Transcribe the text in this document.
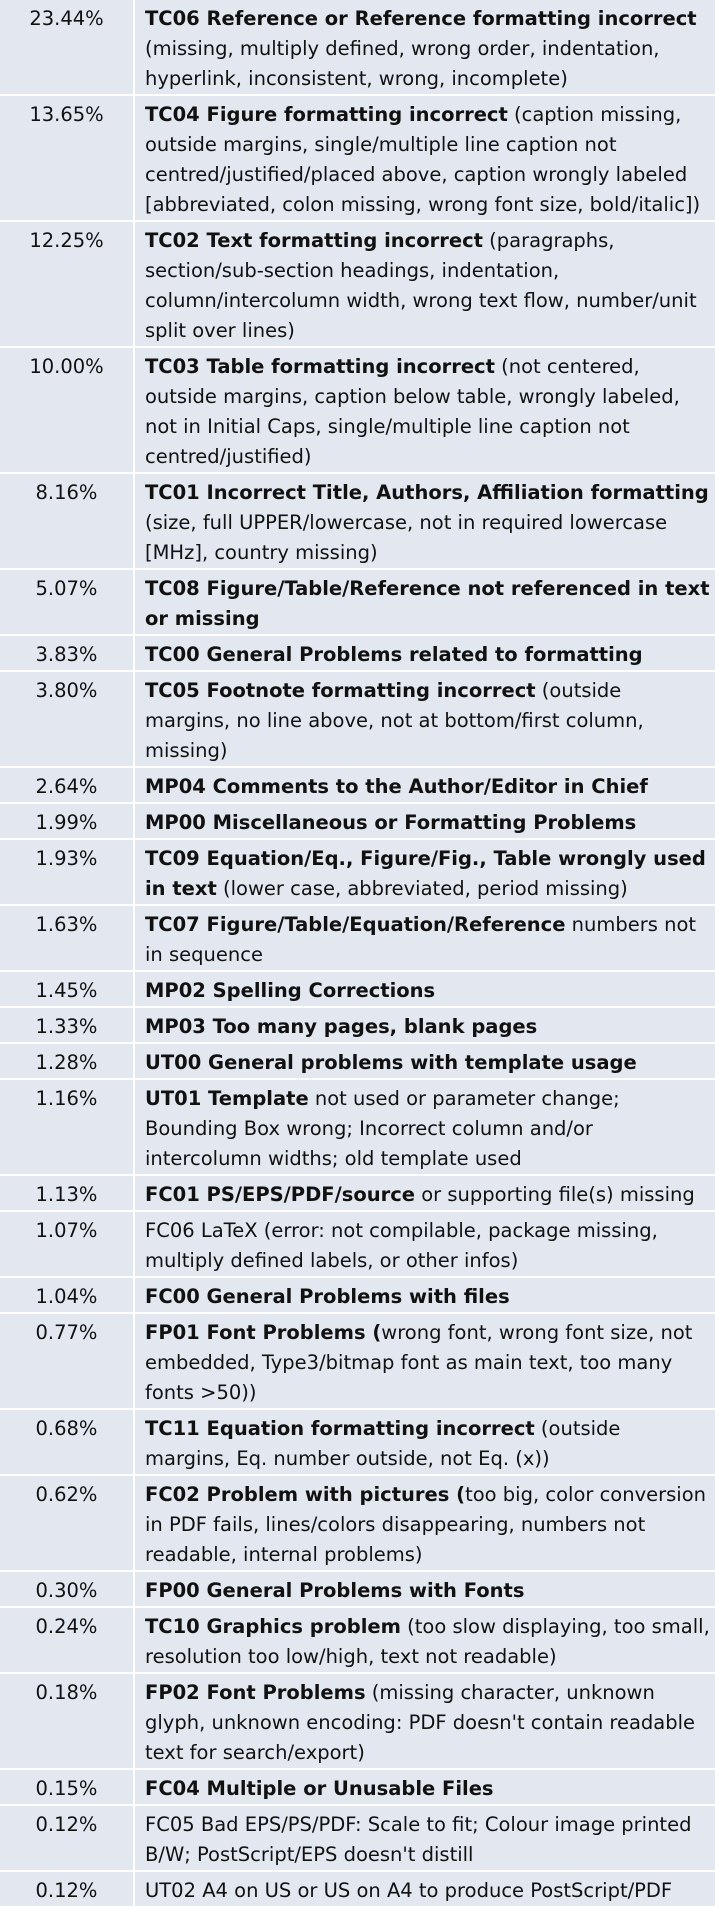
23.44%	TC06 Reference or Reference formatting incorrect (missing, multiply defined, wrong order, indentation, hyperlink, inconsistent, wrong, incomplete)
13.65%	TC04 Figure formatting incorrect (caption missing, outside margins, single/multiple line caption not centred/justified/placed above, caption wrongly labeled [abbreviated, colon missing, wrong font size, bold/italic])
12.25%	TC02 Text formatting incorrect (paragraphs, section/sub-section headings, indentation, column/intercolumn width, wrong text flow, number/unit split over lines)
10.00%	TC03 Table formatting incorrect (not centered, outside margins, caption below table, wrongly labeled, not in Initial Caps, single/multiple line caption not centred/justified)
8.16%	TC01 Incorrect Title, Authors, Affiliation formatting (size, full UPPER/lowercase, not in required lowercase [MHz], country missing)
5.07%	TC08 Figure/Table/Reference not referenced in text or missing
3.83%	TC00 General Problems related to formatting
3.80%	TC05 Footnote formatting incorrect (outside margins, no line above, not at bottom/first column, missing)
2.64%	MP04 Comments to the Author/Editor in Chief
1.99%	MP00 Miscellaneous or Formatting Problems
1.93%	TC09 Equation/Eq., Figure/Fig., Table wrongly used in text (lower case, abbreviated, period missing)
1.63%	TC07 Figure/Table/Equation/Reference numbers not in sequence
1.45%	MP02 Spelling Corrections
1.33%	MP03 Too many pages, blank pages
1.28%	UT00 General problems with template usage
1.16%	UT01 Template not used or parameter change; Bounding Box wrong; Incorrect column and/or intercolumn widths; old template used
1.13%	FC01 PS/EPS/PDF/source or supporting file(s) missing
1.07%	FC06 LaTeX (error: not compilable, package missing, multiply defined labels, or other infos)
1.04%	FC00 General Problems with files
0.77%	FP01 Font Problems (wrong font, wrong font size, not embedded, Type3/bitmap font as main text, too many fonts >50))
0.68%	TC11 Equation formatting incorrect (outside margins, Eq. number outside, not Eq. (x))
0.62%	FC02 Problem with pictures (too big, color conversion in PDF fails, lines/colors disappearing, numbers not readable, internal problems)
0.30%	FP00 General Problems with Fonts
0.24%	TC10 Graphics problem (too slow displaying, too small, resolution too low/high, text not readable)
0.18%	FP02 Font Problems (missing character, unknown glyph, unknown encoding: PDF doesn't contain readable text for search/export)
0.15%	FC04 Multiple or Unusable Files
0.12%	FC05 Bad EPS/PS/PDF: Scale to fit; Colour image printed B/W; PostScript/EPS doesn't distill
0.12%	UT02 A4 on US or US on A4 to produce PostScript/PDF
